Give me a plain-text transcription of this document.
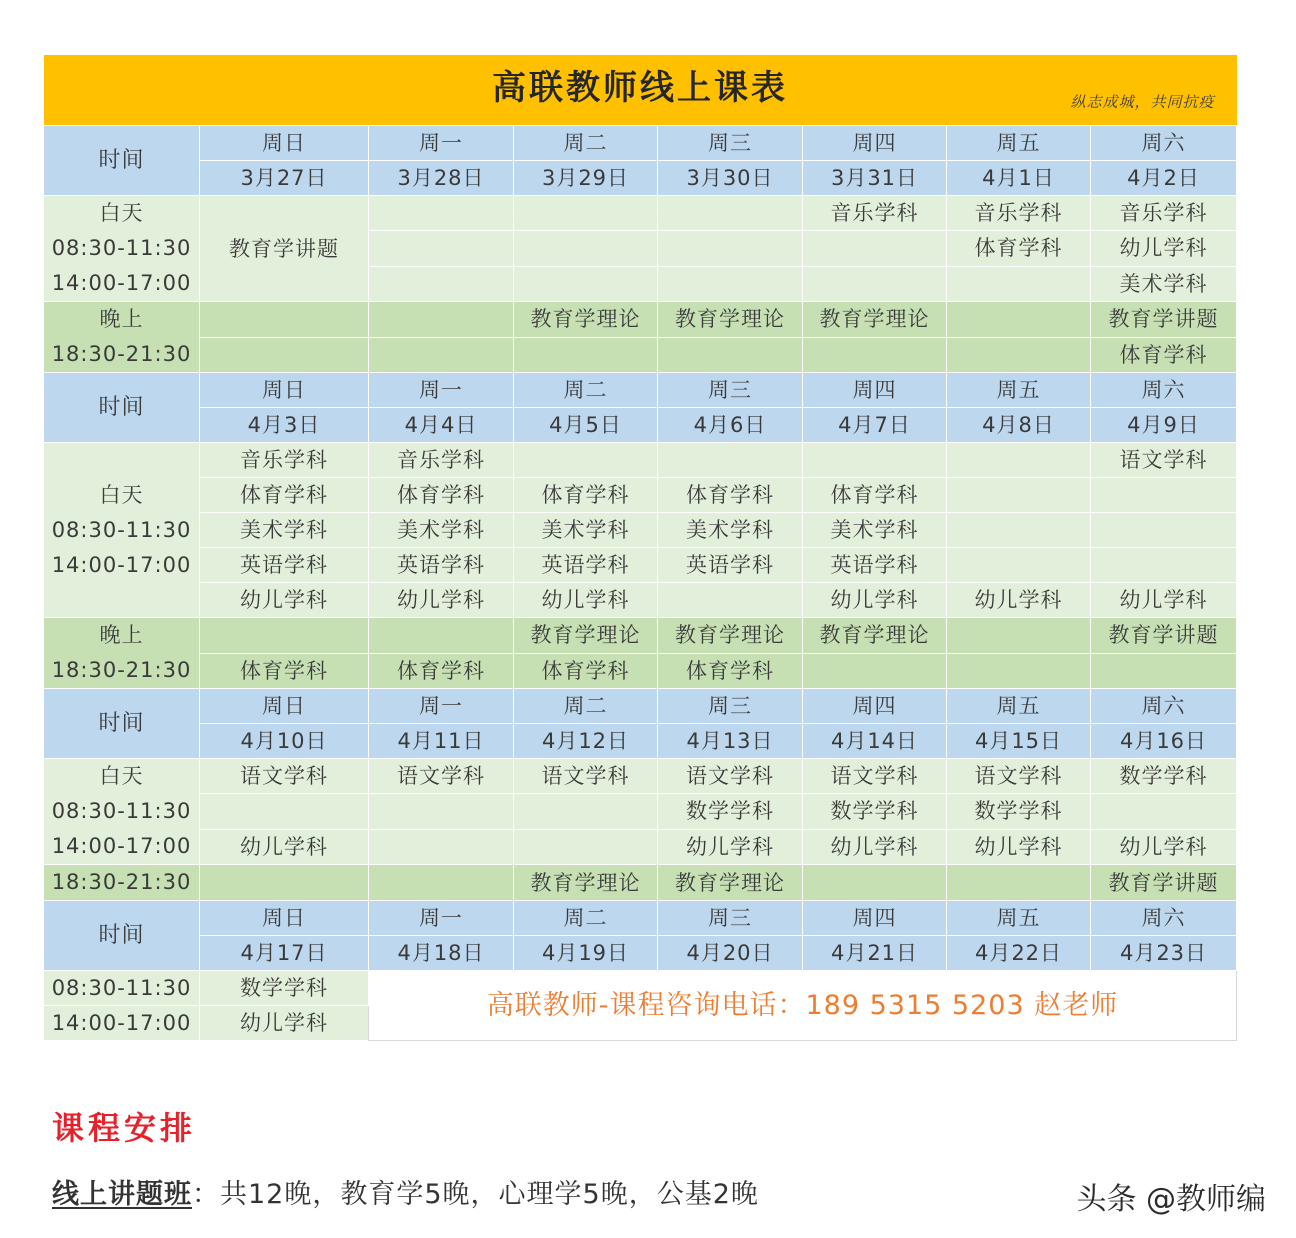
高联教师线上课表 纵志成城，共同抗疫							

时间	周日	周一	周二	周三	周四	周五	周六
	3月27日	3月28日	3月29日	3月30日	3月31日	4月1日	4月2日

白天
08:30-11:30
14:00-17:00	教育学讲题				音乐学科	音乐学科	音乐学科
						体育学科	幼儿学科
							美术学科

晚上
18:30-21:30			教育学理论	教育学理论	教育学理论		教育学讲题
							体育学科
时间	周日	周一	周二	周三	周四	周五	周六
	4月3日	4月4日	4月5日	4月6日	4月7日	4月8日	4月9日

白天
08:30-11:30
14:00-17:00	音乐学科	音乐学科					语文学科
	体育学科	体育学科	体育学科	体育学科	体育学科		
	美术学科	美术学科	美术学科	美术学科	美术学科		
	英语学科	英语学科	英语学科	英语学科	英语学科		
	幼儿学科	幼儿学科	幼儿学科		幼儿学科	幼儿学科	幼儿学科

晚上
18:30-21:30			教育学理论	教育学理论	教育学理论		教育学讲题
	体育学科	体育学科	体育学科	体育学科			
时间	周日	周一	周二	周三	周四	周五	周六
	4月10日	4月11日	4月12日	4月13日	4月14日	4月15日	4月16日

白天
08:30-11:30
14:00-17:00	语文学科	语文学科	语文学科	语文学科	语文学科	语文学科	数学学科
				数学学科	数学学科	数学学科	
	幼儿学科			幼儿学科	幼儿学科	幼儿学科	幼儿学科

18:30-21:30			教育学理论	教育学理论			教育学讲题
时间	周日	周一	周二	周三	周四	周五	周六
	4月17日	4月18日	4月19日	4月20日	4月21日	4月22日	4月23日
08:30-11:30	数学学科	高联教师-课程咨询电话：189 5315 5203 赵老师					
14:00-17:00	幼儿学科						
课程安排
线上讲题班：共12晚，教育学5晚，心理学5晚，公基2晚	头条 @教师编
